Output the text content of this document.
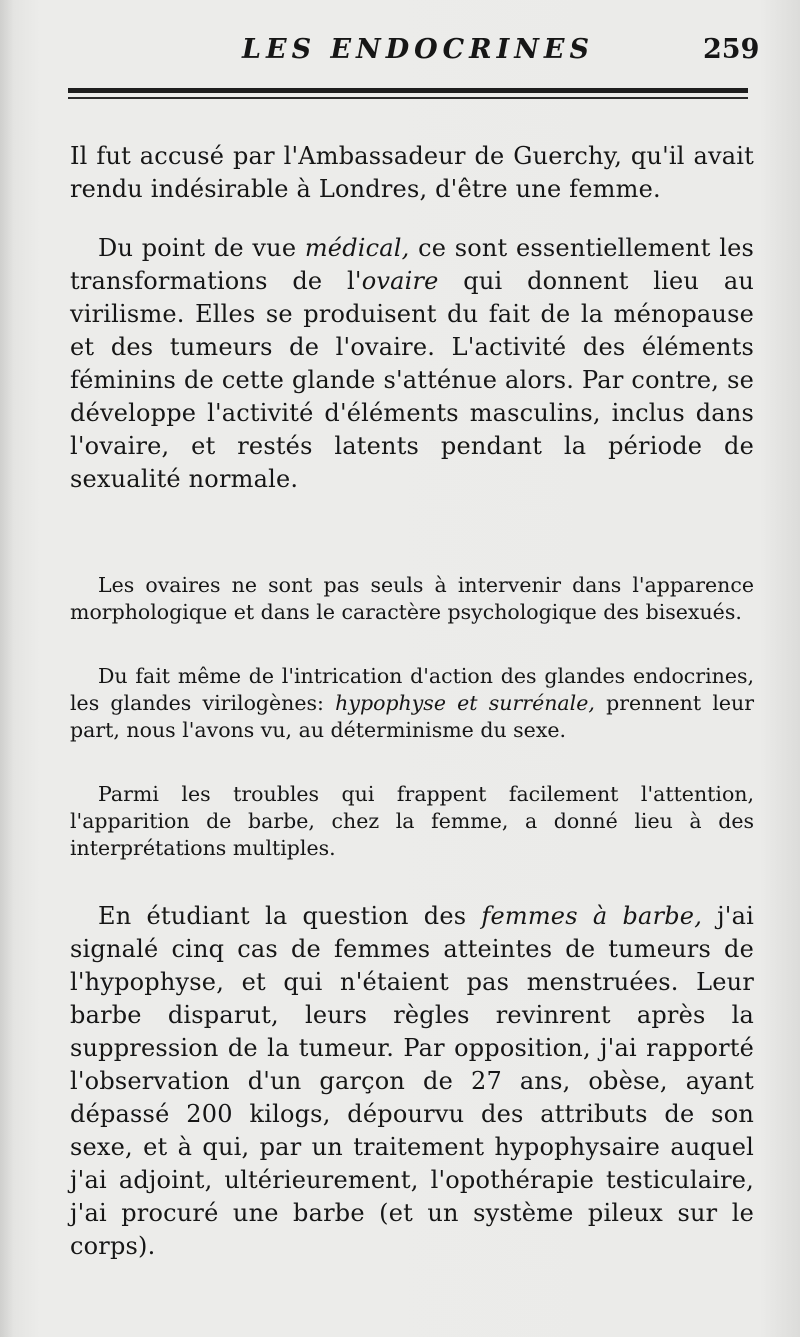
LES ENDOCRINES	259

Il fut accusé par l'Ambassadeur de Guerchy, qu'il avait rendu indésirable à Londres, d'être une femme.

Du point de vue médical, ce sont essentiellement les transformations de l'ovaire qui donnent lieu au virilisme. Elles se produisent du fait de la ménopause et des tumeurs de l'ovaire. L'activité des éléments féminins de cette glande s'atténue alors. Par contre, se développe l'activité d'éléments masculins, inclus dans l'ovaire, et restés latents pendant la période de sexualité normale.

Les ovaires ne sont pas seuls à intervenir dans l'apparence morphologique et dans le caractère psychologique des bisexués.

Du fait même de l'intrication d'action des glandes endocrines, les glandes virilogènes: hypophyse et surrénale, prennent leur part, nous l'avons vu, au déterminisme du sexe.

Parmi les troubles qui frappent facilement l'attention, l'apparition de barbe, chez la femme, a donné lieu à des interprétations multiples.

En étudiant la question des femmes à barbe, j'ai signalé cinq cas de femmes atteintes de tumeurs de l'hypophyse, et qui n'étaient pas menstruées. Leur barbe disparut, leurs règles revinrent après la suppression de la tumeur. Par opposition, j'ai rapporté l'observation d'un garçon de 27 ans, obèse, ayant dépassé 200 kilogs, dépourvu des attributs de son sexe, et à qui, par un traitement hypophysaire auquel j'ai adjoint, ultérieurement, l'opothérapie testiculaire, j'ai procuré une barbe (et un système pileux sur le corps).
